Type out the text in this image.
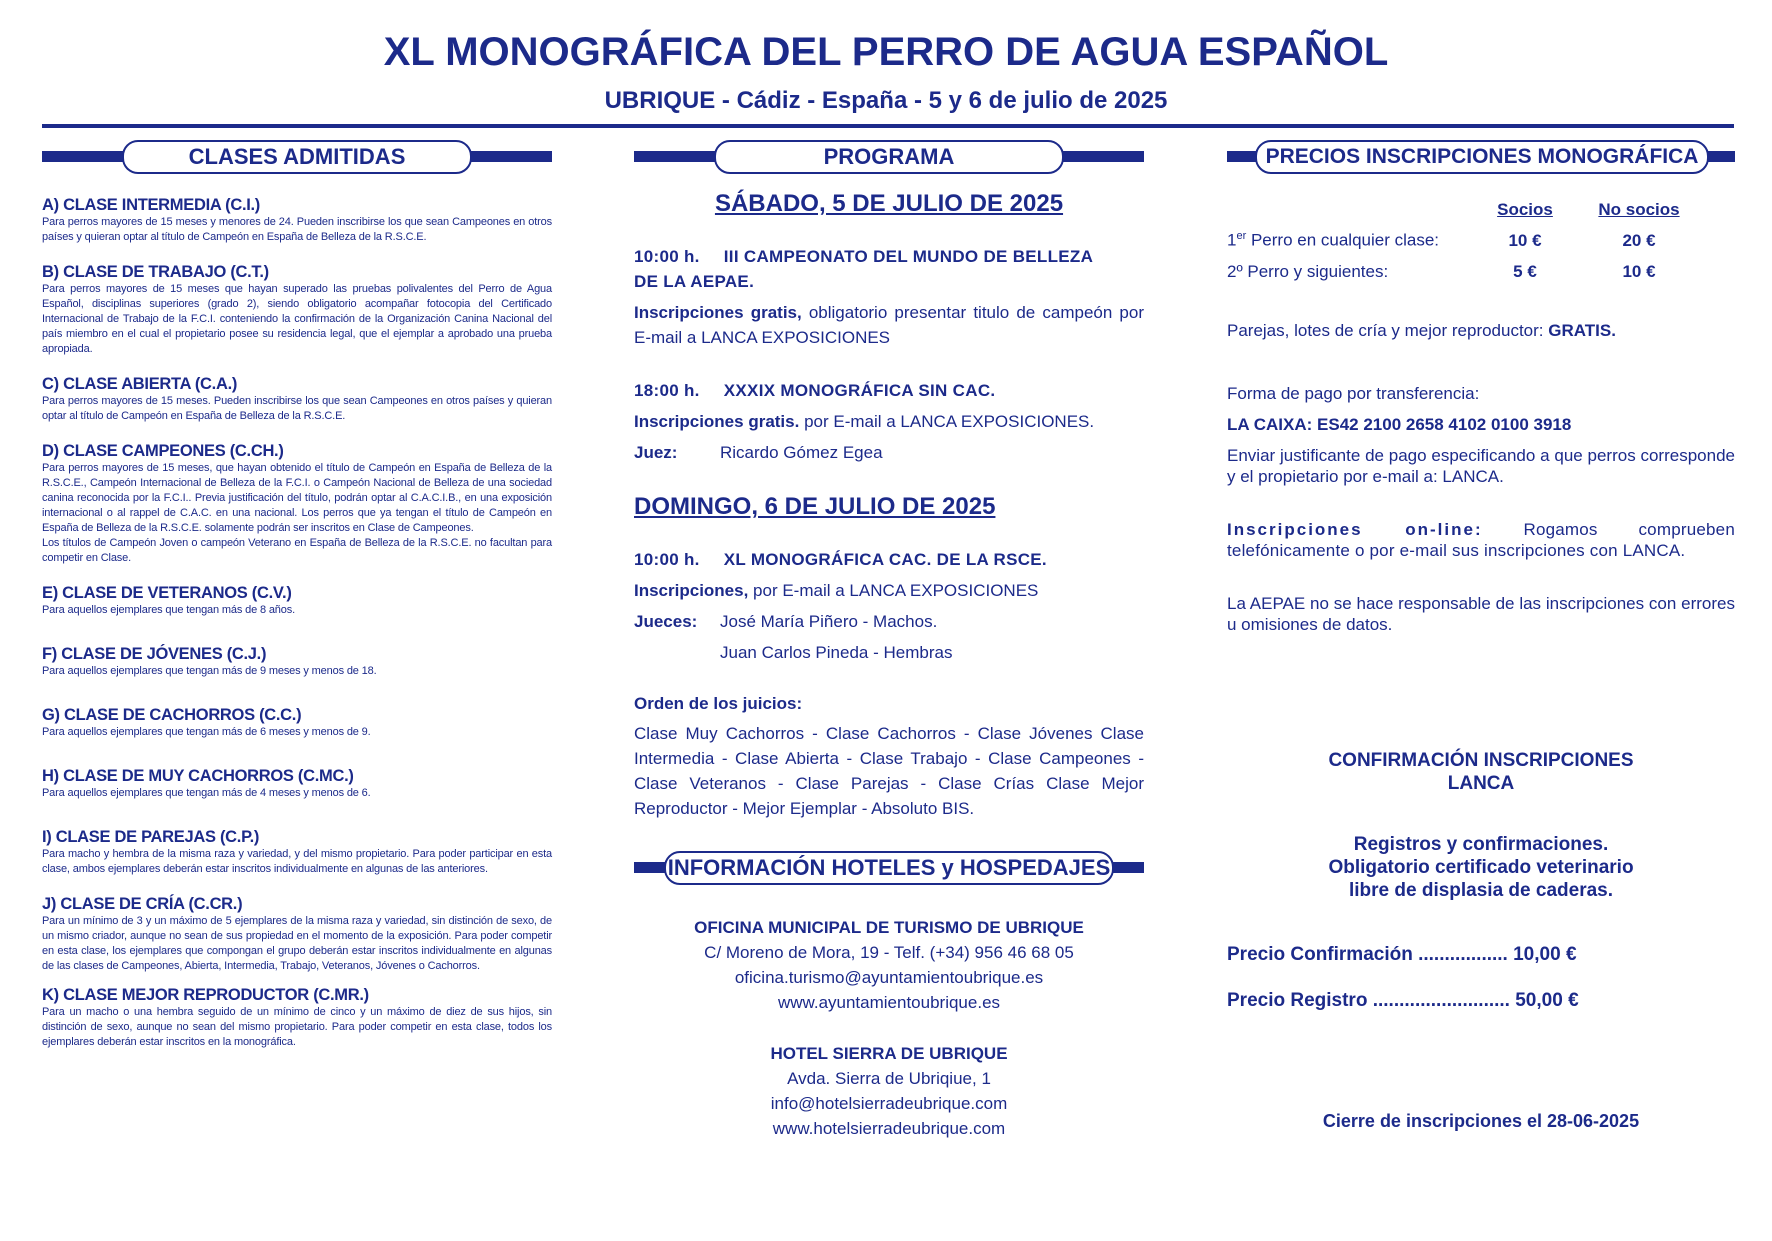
XL MONOGRÁFICA DEL PERRO DE AGUA ESPAÑOL
UBRIQUE - Cádiz - España - 5 y 6 de julio de 2025
CLASES ADMITIDAS
A) CLASE INTERMEDIA (C.I.)
Para perros mayores de 15 meses y menores de 24. Pueden inscribirse los que sean Campeones en otros países y quieran optar al título de Campeón en España de Belleza de la R.S.C.E.
B) CLASE DE TRABAJO (C.T.)
Para perros mayores de 15 meses que hayan superado las pruebas polivalentes del Perro de Agua Español, disciplinas superiores (grado 2), siendo obligatorio acompañar fotocopia del Certificado Internacional de Trabajo de la F.C.I. conteniendo la confirmación de la Organización Canina Nacional del país miembro en el cual el propietario posee su residencia legal, que el ejemplar a aprobado una prueba apropiada.
C) CLASE ABIERTA (C.A.)
Para perros mayores de 15 meses. Pueden inscribirse los que sean Campeones en otros países y quieran optar al título de Campeón en España de Belleza de la R.S.C.E.
D) CLASE CAMPEONES (C.CH.)
Para perros mayores de 15 meses, que hayan obtenido el título de Campeón en España de Belleza de la R.S.C.E., Campeón Internacional de Belleza de la F.C.I. o Campeón Nacional de Belleza de una sociedad canina reconocida por la F.C.I.. Previa justificación del título, podrán optar al C.A.C.I.B., en una exposición internacional o al rappel de C.A.C. en una nacional. Los perros que ya tengan el título de Campeón en España de Belleza de la R.S.C.E. solamente podrán ser inscritos en Clase de Campeones.
Los títulos de Campeón Joven o campeón Veterano en España de Belleza de la R.S.C.E. no facultan para competir en Clase.
E) CLASE DE VETERANOS (C.V.)
Para aquellos ejemplares que tengan más de 8 años.
F) CLASE DE JÓVENES (C.J.)
Para aquellos ejemplares que tengan más de 9 meses y menos de 18.
G) CLASE DE CACHORROS (C.C.)
Para aquellos ejemplares que tengan más de 6 meses y menos de 9.
H) CLASE DE MUY CACHORROS (C.MC.)
Para aquellos ejemplares que tengan más de 4 meses y menos de 6.
I) CLASE DE PAREJAS (C.P.)
Para macho y hembra de la misma raza y variedad, y del mismo propietario. Para poder participar en esta clase, ambos ejemplares deberán estar inscritos individualmente en algunas de las anteriores.
J) CLASE DE CRÍA (C.CR.)
Para un mínimo de 3 y un máximo de 5 ejemplares de la misma raza y variedad, sin distinción de sexo, de un mismo criador, aunque no sean de sus propiedad en el momento de la exposición. Para poder competir en esta clase, los ejemplares que compongan el grupo deberán estar inscritos individualmente en algunas de las clases de Campeones, Abierta, Intermedia, Trabajo, Veteranos, Jóvenes o Cachorros.
K) CLASE MEJOR REPRODUCTOR (C.MR.)
Para un macho o una hembra seguido de un mínimo de cinco y un máximo de diez de sus hijos, sin distinción de sexo, aunque no sean del mismo propietario. Para poder competir en esta clase, todos los ejemplares deberán estar inscritos en la monográfica.
PROGRAMA
SÁBADO, 5 DE JULIO DE 2025
10:00 h. III CAMPEONATO DEL MUNDO DE BELLEZA
DE LA AEPAE.
Inscripciones gratis, obligatorio presentar titulo de campeón por E-mail a LANCA EXPOSICIONES
18:00 h. XXXIX MONOGRÁFICA SIN CAC.
Inscripciones gratis. por E-mail a LANCA EXPOSICIONES.
Juez:	Ricardo Gómez Egea
DOMINGO, 6 DE JULIO DE 2025
10:00 h. XL MONOGRÁFICA CAC. DE LA RSCE.
Inscripciones, por E-mail a LANCA EXPOSICIONES
Jueces: José María Piñero - Machos.
Juan Carlos Pineda - Hembras
Orden de los juicios:
Clase Muy Cachorros - Clase Cachorros - Clase Jóvenes Clase Intermedia - Clase Abierta - Clase Trabajo - Clase Campeones - Clase Veteranos - Clase Parejas - Clase Crías Clase Mejor Reproductor - Mejor Ejemplar - Absoluto BIS.
INFORMACIÓN HOTELES y HOSPEDAJES
OFICINA MUNICIPAL DE TURISMO DE UBRIQUE
C/ Moreno de Mora, 19 - Telf. (+34) 956 46 68 05
oficina.turismo@ayuntamientoubrique.es
www.ayuntamientoubrique.es
HOTEL SIERRA DE UBRIQUE
Avda. Sierra de Ubriqiue, 1
info@hotelsierradeubrique.com
www.hotelsierradeubrique.com
PRECIOS INSCRIPCIONES MONOGRÁFICA
	Socios	No socios
1er Perro en cualquier clase:	10 €	20 €
2º Perro y siguientes:	5 €	10 €
Parejas, lotes de cría y mejor reproductor: GRATIS.
Forma de pago por transferencia:
LA CAIXA: ES42 2100 2658 4102 0100 3918
Enviar justificante de pago especificando a que perros corresponde y el propietario por e-mail a: LANCA.
Inscripciones on-line: Rogamos comprueben telefónicamente o por e-mail sus inscripciones con LANCA.
La AEPAE no se hace responsable de las inscripciones con errores u omisiones de datos.
CONFIRMACIÓN INSCRIPCIONES
LANCA
Registros y confirmaciones.
Obligatorio certificado veterinario
libre de displasia de caderas.
Precio Confirmación ................. 10,00 €
Precio Registro .......................... 50,00 €
Cierre de inscripciones el 28-06-2025
